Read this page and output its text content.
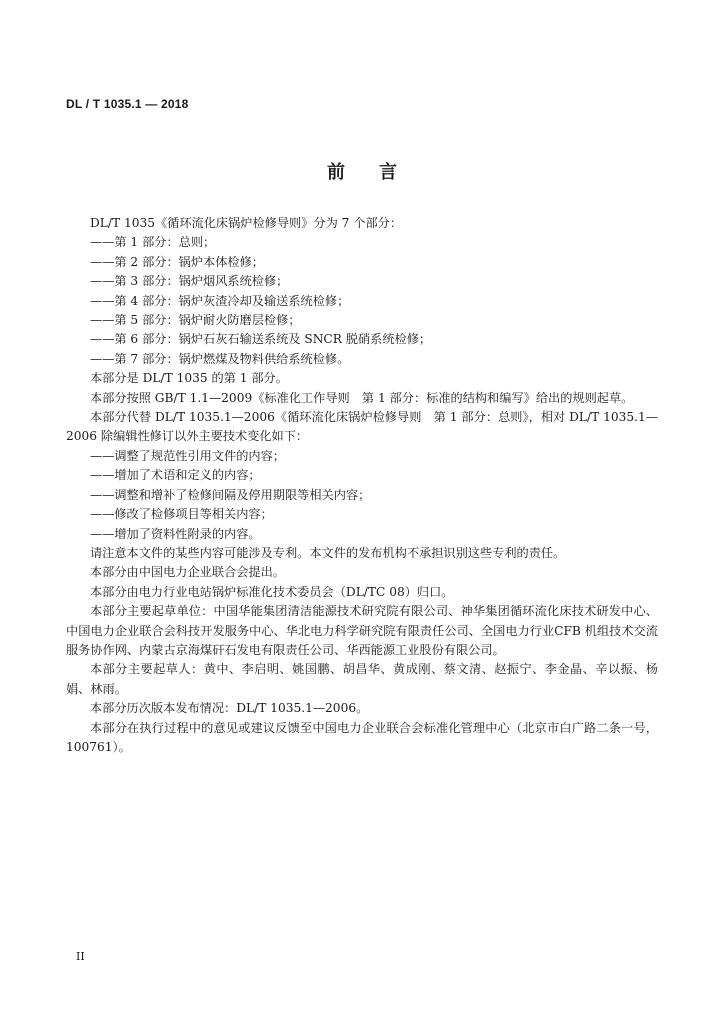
DL / T 1035.1 — 2018
前言

DL/T 1035《循环流化床锅炉检修导则》分为 7 个部分：

——第 1 部分：总则；

——第 2 部分：锅炉本体检修；

——第 3 部分：锅炉烟风系统检修；

——第 4 部分：锅炉灰渣冷却及输送系统检修；

——第 5 部分：锅炉耐火防磨层检修；

——第 6 部分：锅炉石灰石输送系统及 SNCR 脱硝系统检修；

——第 7 部分：锅炉燃煤及物料供给系统检修。

本部分是 DL/T 1035 的第 1 部分。

本部分按照 GB/T 1.1—2009《标准化工作导则　第 1 部分：标准的结构和编写》给出的规则起草。

本部分代替 DL/T 1035.1—2006《循环流化床锅炉检修导则　第 1 部分：总则》，相对 DL/T 1035.1—2006 除编辑性修订以外主要技术变化如下：

——调整了规范性引用文件的内容；

——增加了术语和定义的内容；

——调整和增补了检修间隔及停用期限等相关内容；

——修改了检修项目等相关内容；

——增加了资料性附录的内容。

请注意本文件的某些内容可能涉及专利。本文件的发布机构不承担识别这些专利的责任。

本部分由中国电力企业联合会提出。

本部分由电力行业电站锅炉标准化技术委员会（DL/TC 08）归口。

本部分主要起草单位：中国华能集团清洁能源技术研究院有限公司、神华集团循环流化床技术研发中心、中国电力企业联合会科技开发服务中心、华北电力科学研究院有限责任公司、全国电力行业CFB 机组技术交流服务协作网、内蒙古京海煤矸石发电有限责任公司、华西能源工业股份有限公司。

本部分主要起草人：黄中、李启明、姚国鹏、胡昌华、黄成刚、蔡文清、赵振宁、李金晶、辛以振、杨娟、林雨。

本部分历次版本发布情况：DL/T 1035.1—2006。

本部分在执行过程中的意见或建议反馈至中国电力企业联合会标准化管理中心（北京市白广路二条一号，100761）。

II
